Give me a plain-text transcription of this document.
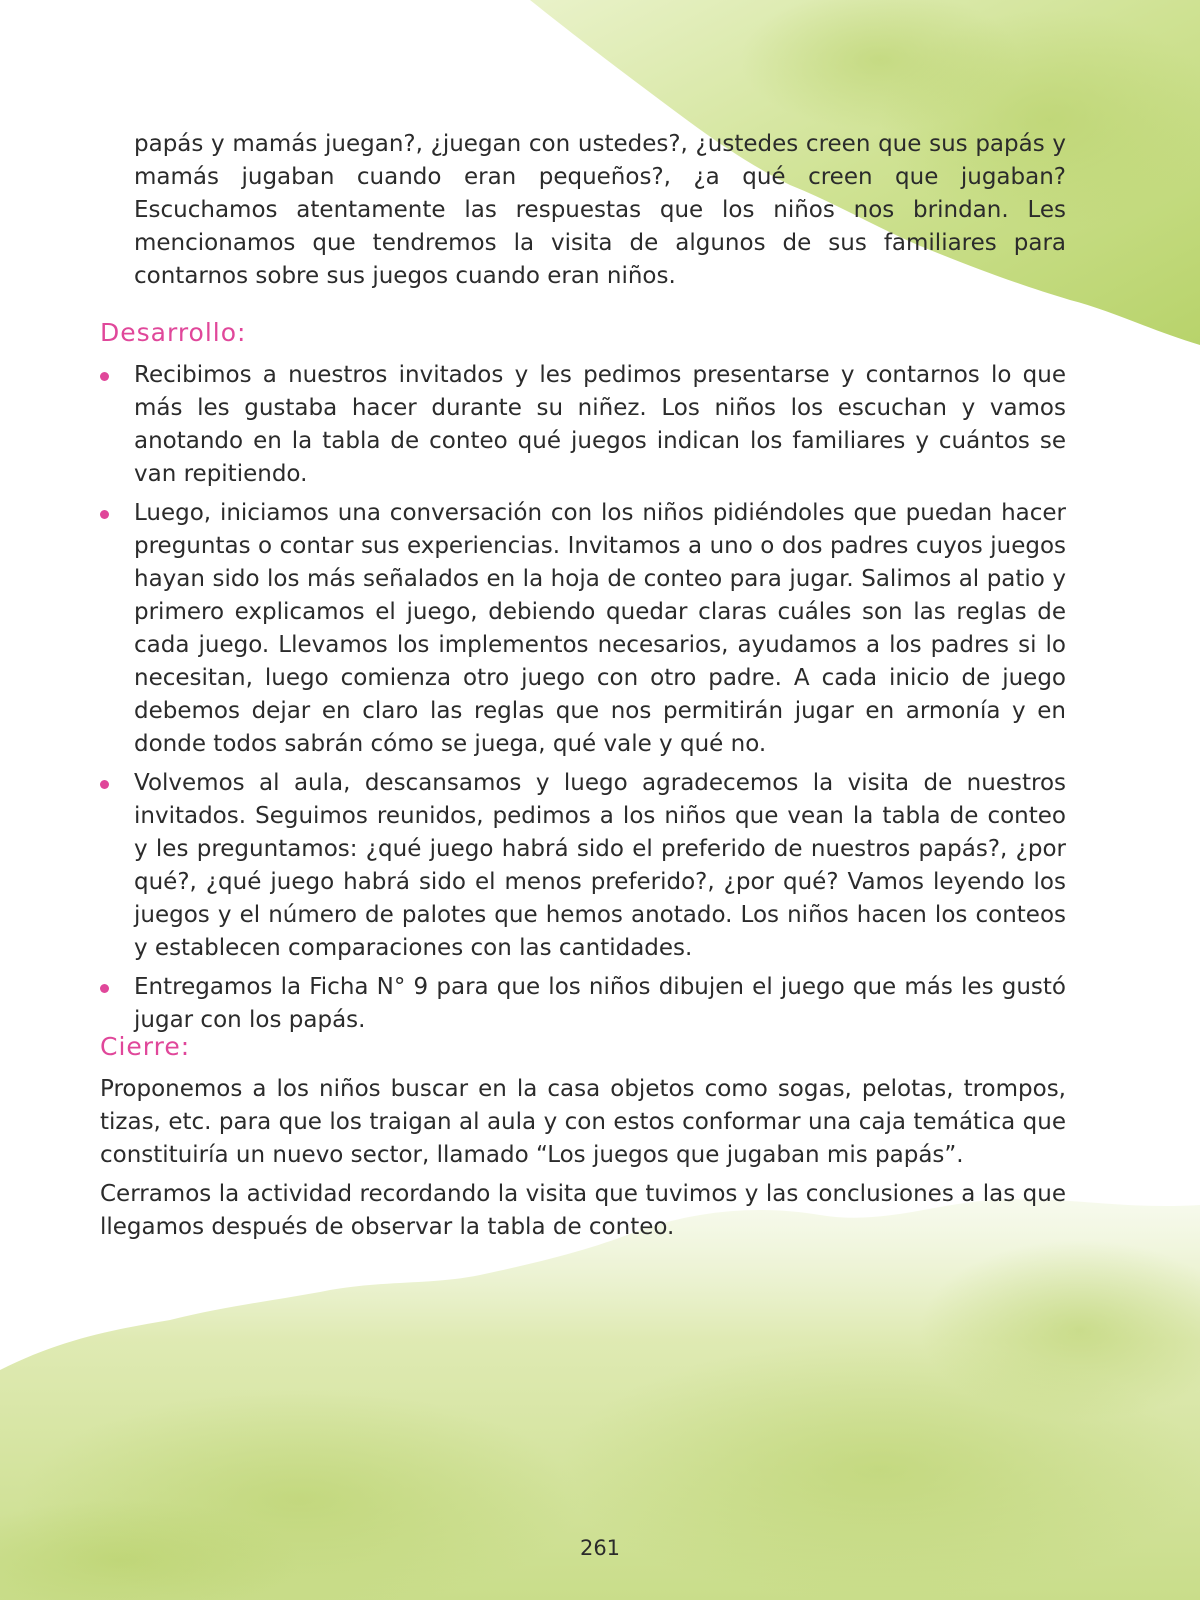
papás y mamás juegan?, ¿juegan con ustedes?, ¿ustedes creen que sus papás y mamás jugaban cuando eran pequeños?, ¿a qué creen que jugaban? Escuchamos atentamente las respuestas que los niños nos brindan. Les mencionamos que tendremos la visita de algunos de sus familiares para contarnos sobre sus juegos cuando eran niños.

Desarrollo:
Recibimos a nuestros invitados y les pedimos presentarse y contarnos lo que más les gustaba hacer durante su niñez. Los niños los escuchan y vamos anotando en la tabla de conteo qué juegos indican los familiares y cuántos se van repitiendo.
Luego, iniciamos una conversación con los niños pidiéndoles que puedan hacer preguntas o contar sus experiencias. Invitamos a uno o dos padres cuyos juegos hayan sido los más señalados en la hoja de conteo para jugar. Salimos al patio y primero explicamos el juego, debiendo quedar claras cuáles son las reglas de cada juego. Llevamos los implementos necesarios, ayudamos a los padres si lo necesitan, luego comienza otro juego con otro padre. A cada inicio de juego debemos dejar en claro las reglas que nos permitirán jugar en armonía y en donde todos sabrán cómo se juega, qué vale y qué no.
Volvemos al aula, descansamos y luego agradecemos la visita de nuestros invitados. Seguimos reunidos, pedimos a los niños que vean la tabla de conteo y les preguntamos: ¿qué juego habrá sido el preferido de nuestros papás?, ¿por qué?, ¿qué juego habrá sido el menos preferido?, ¿por qué? Vamos leyendo los juegos y el número de palotes que hemos anotado. Los niños hacen los conteos y establecen comparaciones con las cantidades.
Entregamos la Ficha N° 9 para que los niños dibujen el juego que más les gustó jugar con los papás.
Cierre:

Proponemos a los niños buscar en la casa objetos como sogas, pelotas, trompos, tizas, etc. para que los traigan al aula y con estos conformar una caja temática que constituiría un nuevo sector, llamado “Los juegos que jugaban mis papás”.

Cerramos la actividad recordando la visita que tuvimos y las conclusiones a las que llegamos después de observar la tabla de conteo.

261
